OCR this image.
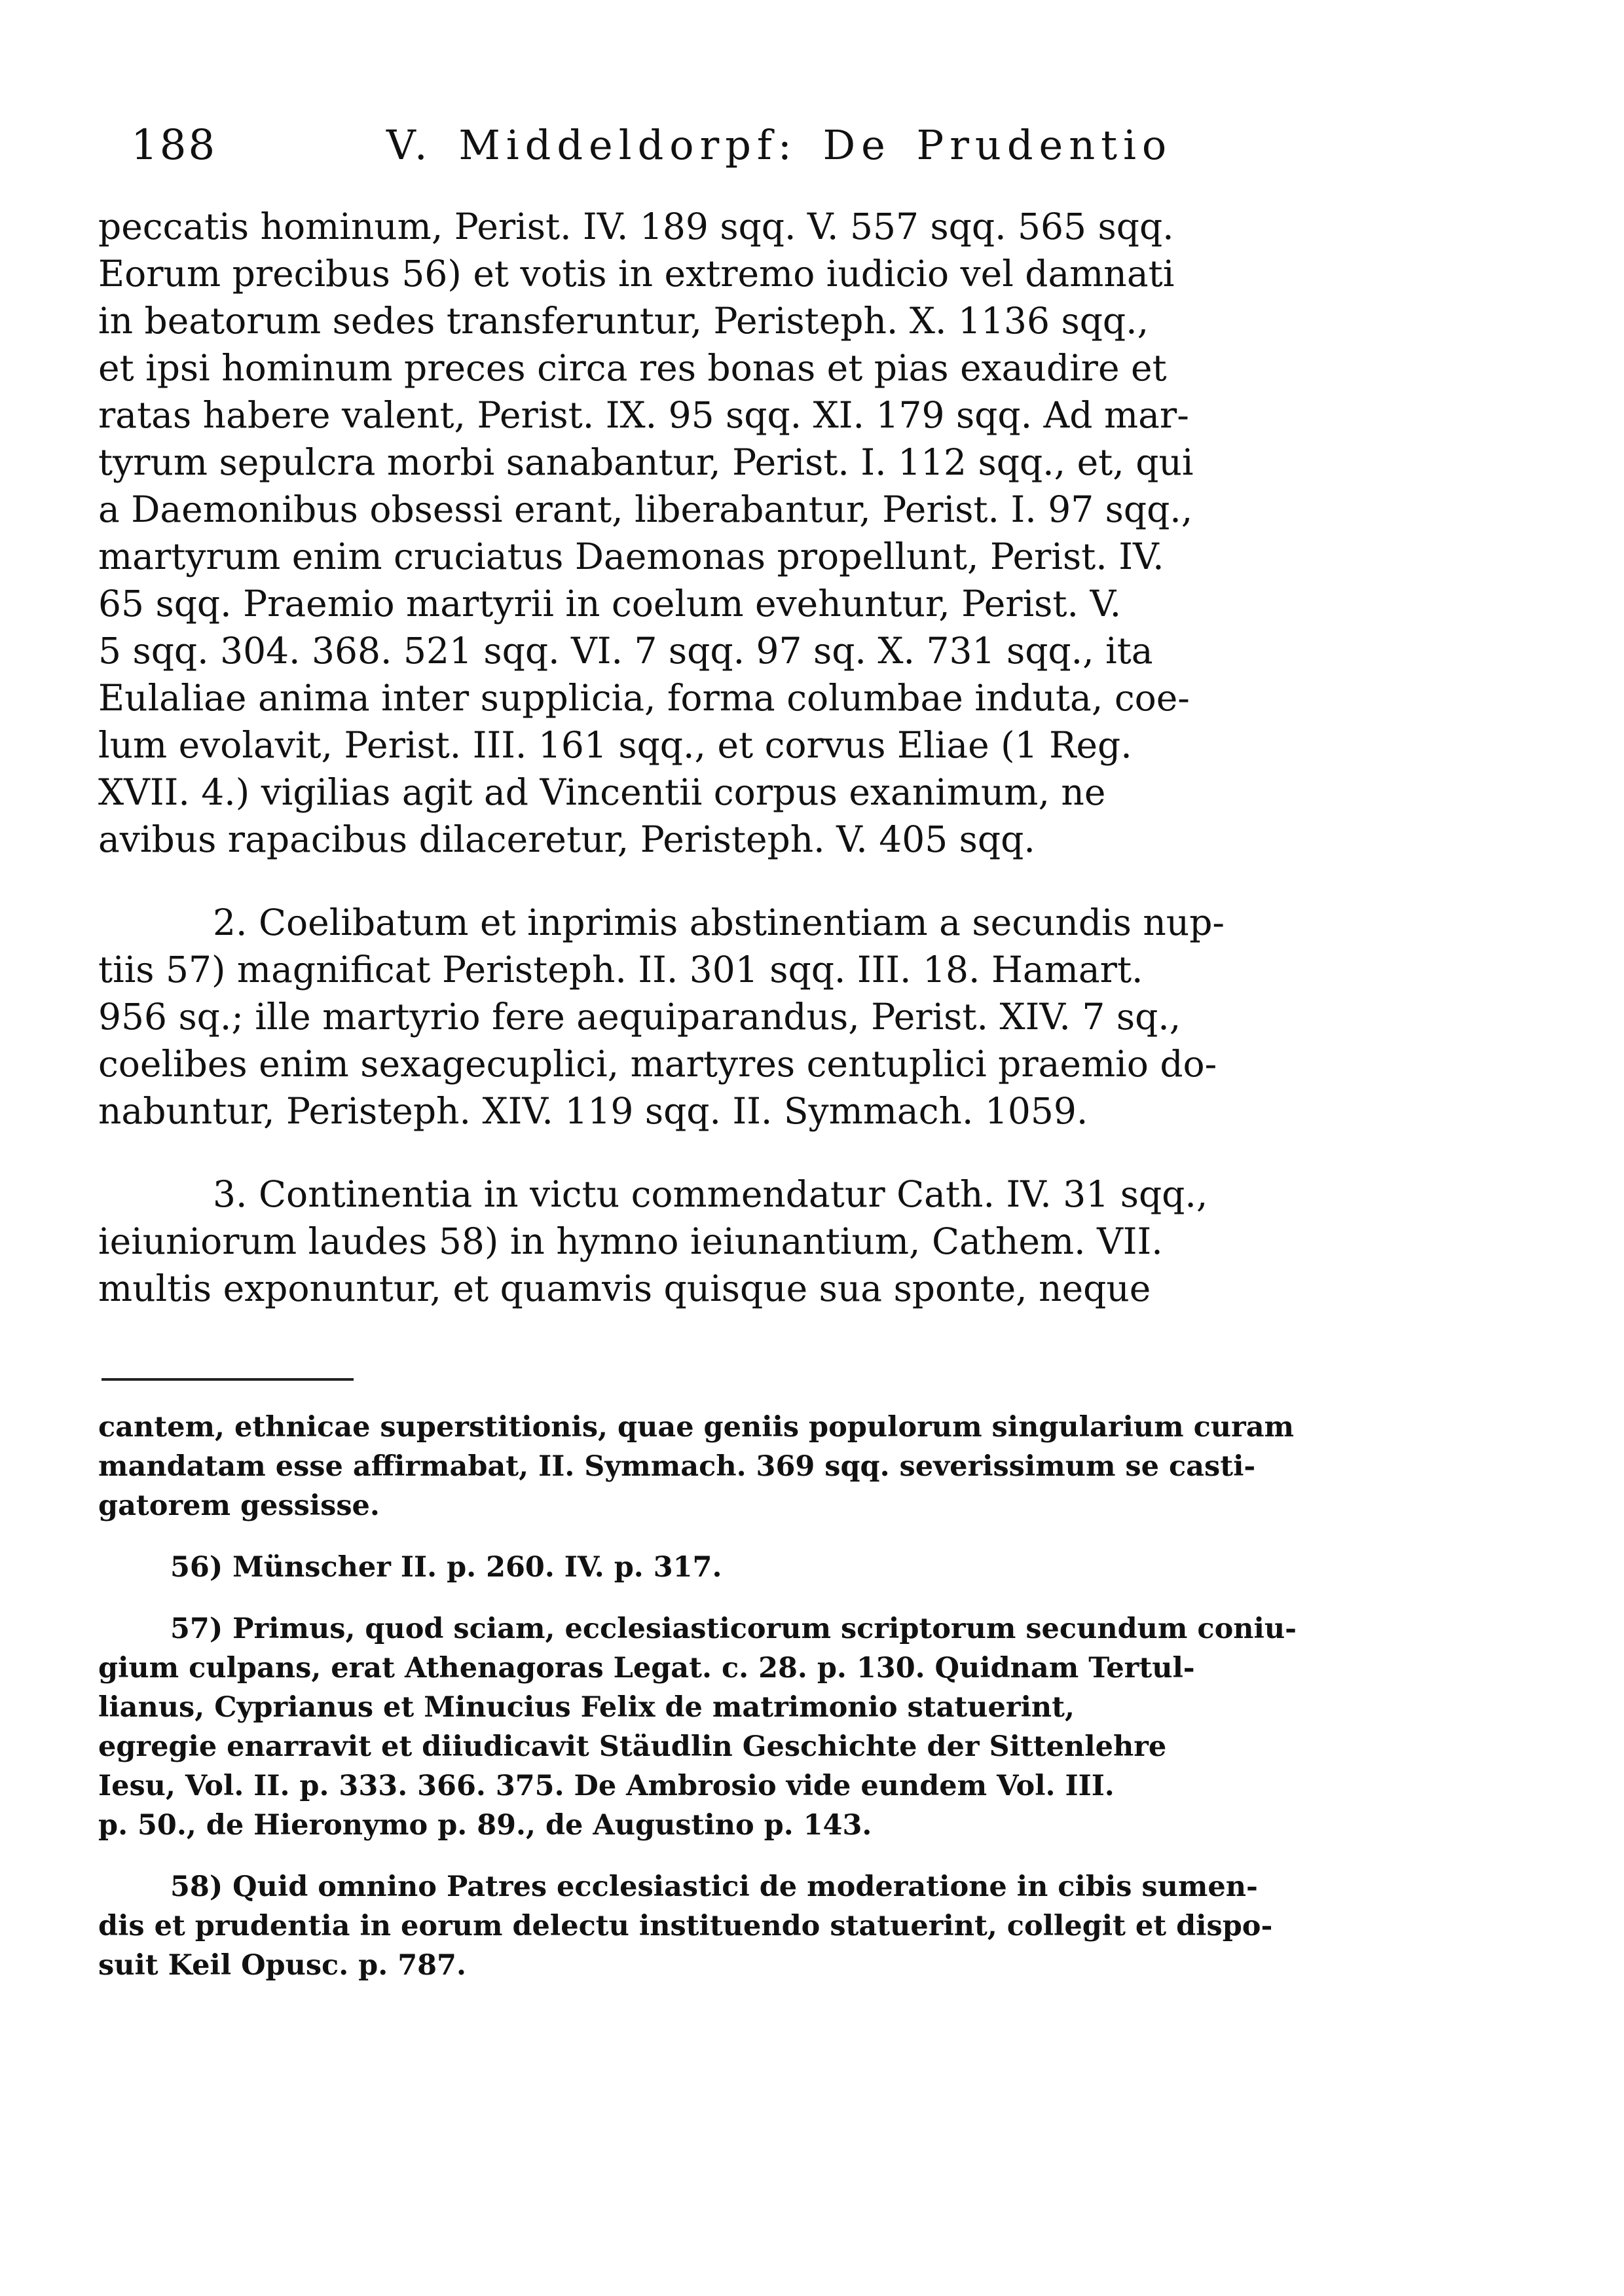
188	V. Middeldorpf: De Prudentio
peccatis hominum, Perist. IV. 189 sqq. V. 557 sqq. 565 sqq.
Eorum precibus 56) et votis in extremo iudicio vel damnati
in beatorum sedes transferuntur, Peristeph. X. 1136 sqq.,
et ipsi hominum preces circa res bonas et pias exaudire et
ratas habere valent, Perist. IX. 95 sqq. XI. 179 sqq. Ad mar-
tyrum sepulcra morbi sanabantur, Perist. I. 112 sqq., et, qui
a Daemonibus obsessi erant, liberabantur, Perist. I. 97 sqq.,
martyrum enim cruciatus Daemonas propellunt, Perist. IV.
65 sqq. Praemio martyrii in coelum evehuntur, Perist. V.
5 sqq. 304. 368. 521 sqq. VI. 7 sqq. 97 sq. X. 731 sqq., ita
Eulaliae anima inter supplicia, forma columbae induta, coe-
lum evolavit, Perist. III. 161 sqq., et corvus Eliae (1 Reg.
XVII. 4.) vigilias agit ad Vincentii corpus exanimum, ne
avibus rapacibus dilaceretur, Peristeph. V. 405 sqq.
2. Coelibatum et inprimis abstinentiam a secundis nup-
tiis 57) magnificat Peristeph. II. 301 sqq. III. 18. Hamart.
956 sq.; ille martyrio fere aequiparandus, Perist. XIV. 7 sq.,
coelibes enim sexagecuplici, martyres centuplici praemio do-
nabuntur, Peristeph. XIV. 119 sqq. II. Symmach. 1059.
3. Continentia in victu commendatur Cath. IV. 31 sqq.,
ieiuniorum laudes 58) in hymno ieiunantium, Cathem. VII.
multis exponuntur, et quamvis quisque sua sponte, neque
cantem, ethnicae superstitionis, quae geniis populorum singularium curam
mandatam esse affirmabat, II. Symmach. 369 sqq. severissimum se casti-
gatorem gessisse.
56) Münscher II. p. 260. IV. p. 317.
57) Primus, quod sciam, ecclesiasticorum scriptorum secundum coniu-
gium culpans, erat Athenagoras Legat. c. 28. p. 130. Quidnam Tertul-
lianus, Cyprianus et Minucius Felix de matrimonio statuerint,
egregie enarravit et diiudicavit Stäudlin Geschichte der Sittenlehre
Iesu, Vol. II. p. 333. 366. 375. De Ambrosio vide eundem Vol. III.
p. 50., de Hieronymo p. 89., de Augustino p. 143.
58) Quid omnino Patres ecclesiastici de moderatione in cibis sumen-
dis et prudentia in eorum delectu instituendo statuerint, collegit et dispo-
suit Keil Opusc. p. 787.
